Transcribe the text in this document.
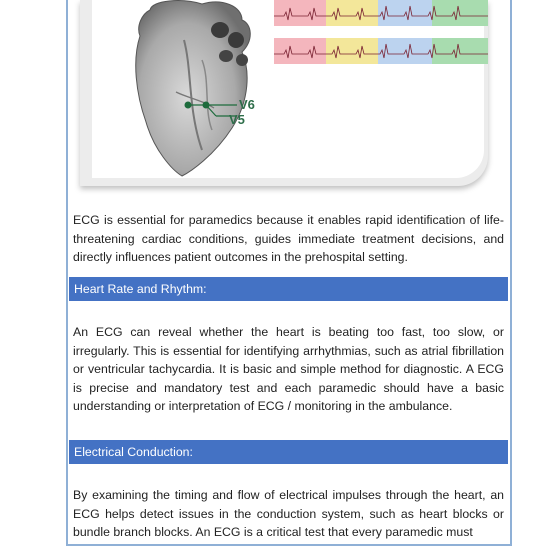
V6
V5

ECG is essential for paramedics because it enables rapid identification of life-threatening cardiac conditions, guides immediate treatment decisions, and directly influences patient outcomes in the prehospital setting.

Heart Rate and Rhythm:

An ECG can reveal whether the heart is beating too fast, too slow, or irregularly. This is essential for identifying arrhythmias, such as atrial fibrillation or ventricular tachycardia. It is basic and simple method for diagnostic. A ECG is precise and mandatory test and each paramedic should have a basic understanding or interpretation of ECG / monitoring in the ambulance.

Electrical Conduction:

By examining the timing and flow of electrical impulses through the heart, an ECG helps detect issues in the conduction system, such as heart blocks or bundle branch blocks. An ECG is a critical test that every paramedic must
